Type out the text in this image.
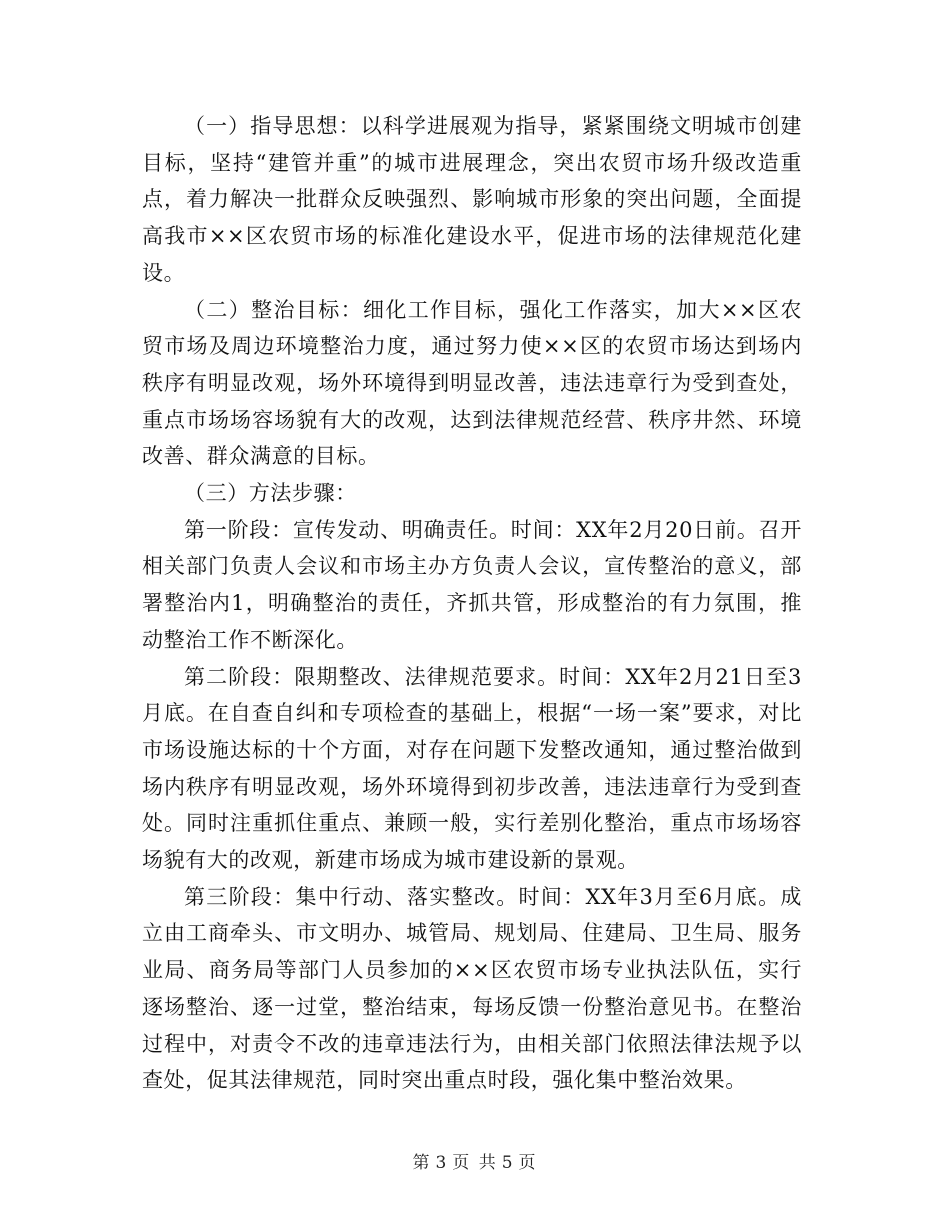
（一）指导思想：以科学进展观为指导，紧紧围绕文明城市创建目标，坚持“建管并重”的城市进展理念，突出农贸市场升级改造重点，着力解决一批群众反映强烈、影响城市形象的突出问题，全面提高我市××区农贸市场的标准化建设水平，促进市场的法律规范化建设。

（二）整治目标：细化工作目标，强化工作落实，加大××区农贸市场及周边环境整治力度，通过努力使××区的农贸市场达到场内秩序有明显改观，场外环境得到明显改善，违法违章行为受到查处，重点市场场容场貌有大的改观，达到法律规范经营、秩序井然、环境改善、群众满意的目标。

（三）方法步骤：

第一阶段：宣传发动、明确责任。时间：XX年2月20日前。召开相关部门负责人会议和市场主办方负责人会议，宣传整治的意义，部署整治内1，明确整治的责任，齐抓共管，形成整治的有力氛围，推动整治工作不断深化。

第二阶段：限期整改、法律规范要求。时间：XX年2月21日至3月底。在自查自纠和专项检查的基础上，根据“一场一案”要求，对比市场设施达标的十个方面，对存在问题下发整改通知，通过整治做到场内秩序有明显改观，场外环境得到初步改善，违法违章行为受到查处。同时注重抓住重点、兼顾一般，实行差别化整治，重点市场场容场貌有大的改观，新建市场成为城市建设新的景观。

第三阶段：集中行动、落实整改。时间：XX年3月至6月底。成立由工商牵头、市文明办、城管局、规划局、住建局、卫生局、服务业局、商务局等部门人员参加的××区农贸市场专业执法队伍，实行逐场整治、逐一过堂，整治结束，每场反馈一份整治意见书。在整治过程中，对责令不改的违章违法行为，由相关部门依照法律法规予以查处，促其法律规范，同时突出重点时段，强化集中整治效果。

第 3 页 共 5 页
